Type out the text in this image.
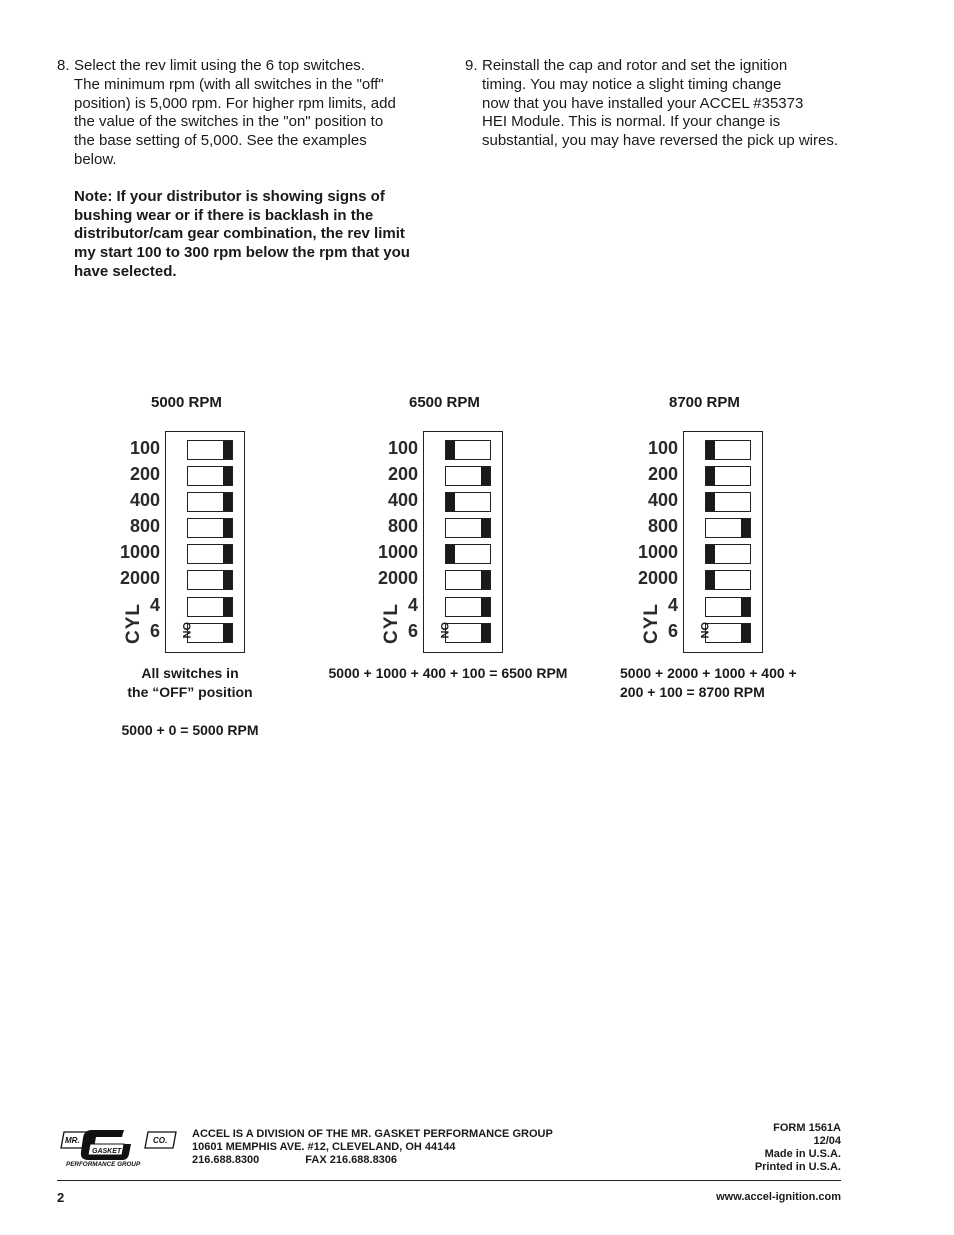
8. Select the rev limit using the 6 top switches.
The minimum rpm (with all switches in the "off"
position) is 5,000 rpm. For higher rpm limits, add
the value of the switches in the "on" position to
the base setting of 5,000. See the examples
below.
Note: If your distributor is showing signs of
bushing wear or if there is backlash in the
distributor/cam gear combination, the rev limit
my start 100 to 300 rpm below the rpm that you
have selected.
9. Reinstall the cap and rotor and set the ignition
timing. You may notice a slight timing change
now that you have installed your ACCEL #35373
HEI Module. This is normal. If your change is
substantial, you may have reversed the pick up wires.
5000 RPM
100
200
400
800
1000
2000
4
6
CYL	ON
All switches in
the “OFF” position
5000 + 0 = 5000 RPM
6500 RPM
100
200
400
800
1000
2000
4
6
CYL	ON
5000 + 1000 + 400 + 100 = 6500 RPM
8700 RPM
100
200
400
800
1000
2000
4
6
CYL	ON
5000 + 2000 + 1000 + 400 +
200 + 100 = 8700 RPM
MR.
GASKET
CO.
PERFORMANCE GROUP
ACCEL IS A DIVISION OF THE MR. GASKET PERFORMANCE GROUP
10601 MEMPHIS AVE. #12, CLEVELAND, OH 44144
216.688.8300	FAX 216.688.8306
FORM 1561A
12/04
Made in U.S.A.
Printed in U.S.A.
2	www.accel-ignition.com
